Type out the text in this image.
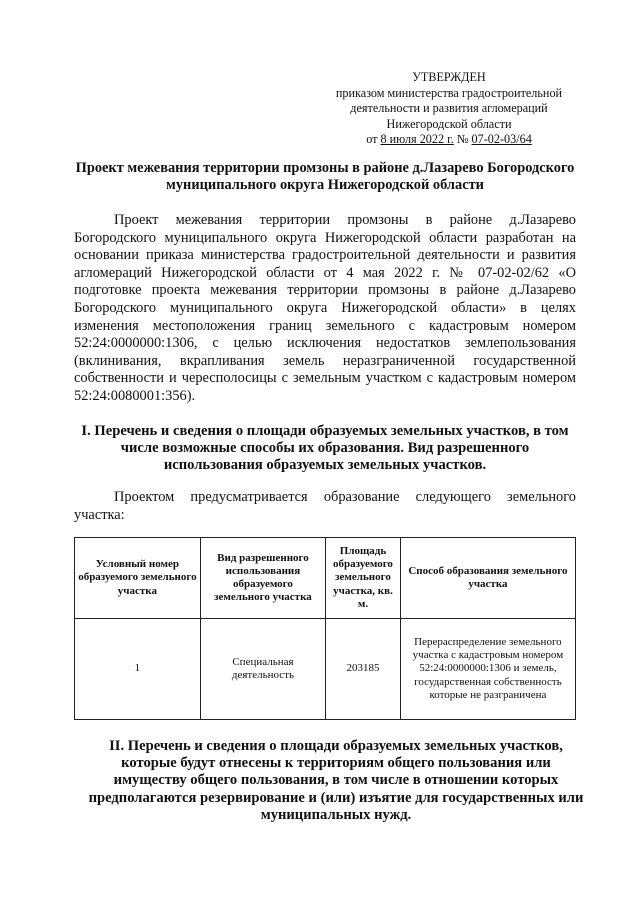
УТВЕРЖДЕН
приказом министерства градостроительной
деятельности и развития агломераций
Нижегородской области
от 8 июля 2022 г. № 07-02-03/64
Проект межевания территории промзоны в районе д.Лазарево Богородского муниципального округа Нижегородской области

Проект межевания территории промзоны в районе д.Лазарево Богородского муниципального округа Нижегородской области разработан на основании приказа министерства градостроительной деятельности и развития агломераций Нижегородской области от 4 мая 2022 г. № 07-02-02/62 «О подготовке проекта межевания территории промзоны в районе д.Лазарево Богородского муниципального округа Нижегородской области» в целях изменения местоположения границ земельного с кадастровым номером 52:24:0000000:1306, с целью исключения недостатков землепользования (вклинивания, вкрапливания земель неразграниченной государственной собственности и чересполосицы с земельным участком с кадастровым номером 52:24:0080001:356).

I. Перечень и сведения о площади образуемых земельных участков, в том числе возможные способы их образования. Вид разрешенного использования образуемых земельных участков.

Проектом предусматривается образование следующего земельного участка:

Условный номер образуемого земельного участка	Вид разрешенного использования образуемого земельного участка	Площадь образуемого земельного участка, кв. м.	Способ образования земельного участка
1	Специальная деятельность	203185	Перераспределение земельного участка с кадастровым номером 52:24:0000000:1306 и земель, государственная собственность которые не разграничена
II. Перечень и сведения о площади образуемых земельных участков, которые будут отнесены к территориям общего пользования или имуществу общего пользования, в том числе в отношении которых предполагаются резервирование и (или) изъятие для государственных или муниципальных нужд.
